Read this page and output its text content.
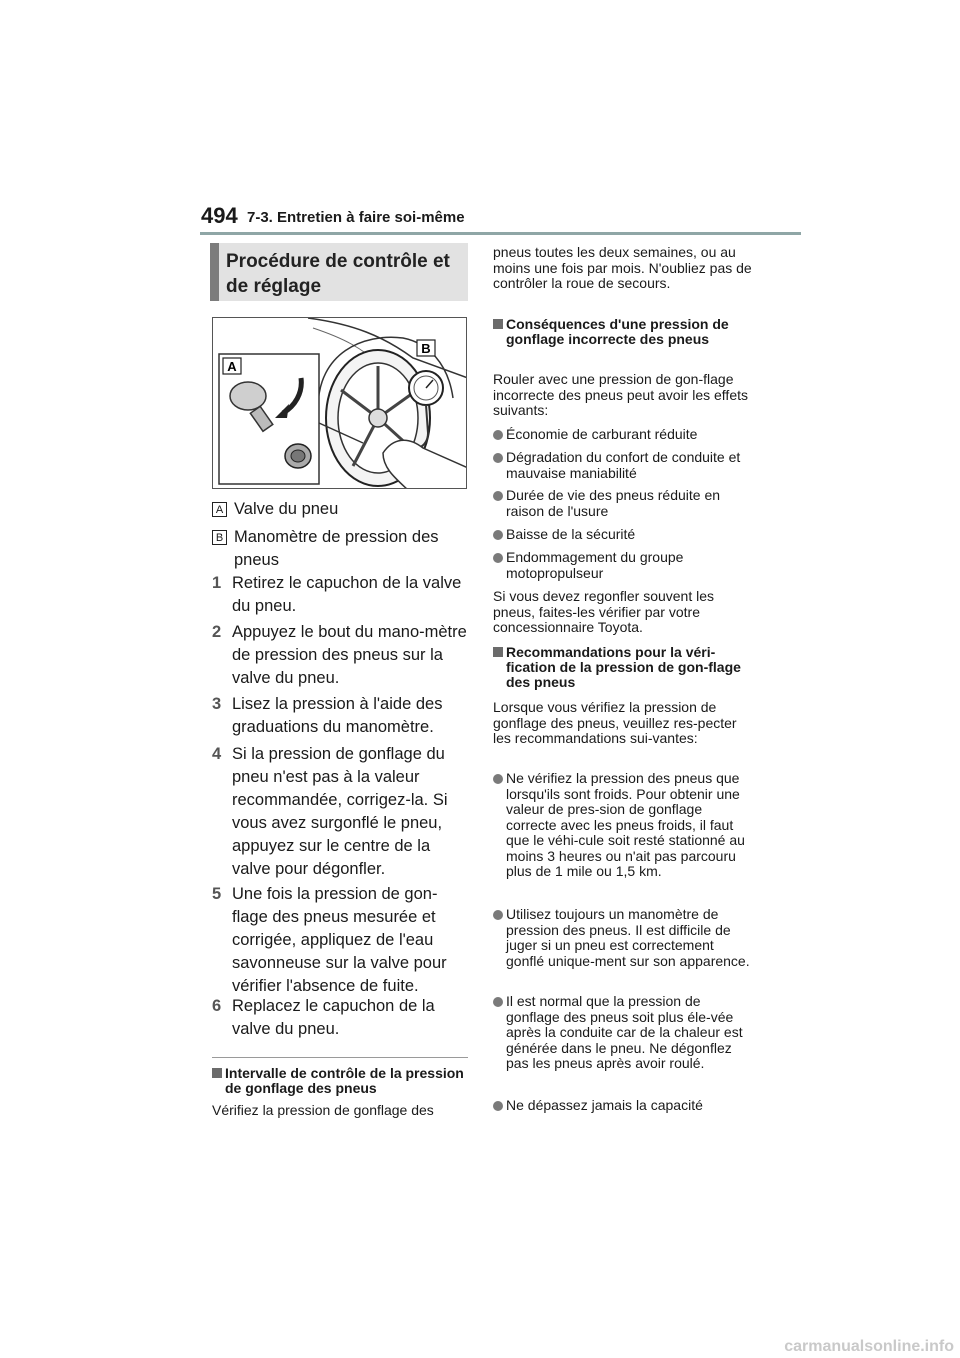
494 7-3. Entretien à faire soi-même
Procédure de contrôle et de réglage
A
B
A Valve du pneu
B Manomètre de pression des pneus
1 Retirez le capuchon de la valve du pneu.
2 Appuyez le bout du mano-mètre de pression des pneus sur la valve du pneu.
3 Lisez la pression à l'aide des graduations du manomètre.
4 Si la pression de gonflage du pneu n'est pas à la valeur recommandée, corrigez-la. Si vous avez surgonflé le pneu, appuyez sur le centre de la valve pour dégonfler.
5 Une fois la pression de gon-flage des pneus mesurée et corrigée, appliquez de l'eau savonneuse sur la valve pour vérifier l'absence de fuite.
6 Replacez le capuchon de la valve du pneu.
Intervalle de contrôle de la pression de gonflage des pneus
Vérifiez la pression de gonflage des
pneus toutes les deux semaines, ou au moins une fois par mois. N'oubliez pas de contrôler la roue de secours.
Conséquences d'une pression de gonflage incorrecte des pneus
Rouler avec une pression de gon-flage incorrecte des pneus peut avoir les effets suivants:
Économie de carburant réduite
Dégradation du confort de conduite et mauvaise maniabilité
Durée de vie des pneus réduite en raison de l'usure
Baisse de la sécurité
Endommagement du groupe motopropulseur
Si vous devez regonfler souvent les pneus, faites-les vérifier par votre concessionnaire Toyota.
Recommandations pour la véri-fication de la pression de gon-flage des pneus
Lorsque vous vérifiez la pression de gonflage des pneus, veuillez res-pecter les recommandations sui-vantes:
Ne vérifiez la pression des pneus que lorsqu'ils sont froids. Pour obtenir une valeur de pres-sion de gonflage correcte avec les pneus froids, il faut que le véhi-cule soit resté stationné au moins 3 heures ou n'ait pas parcouru plus de 1 mile ou 1,5 km.
Utilisez toujours un manomètre de pression des pneus. Il est difficile de juger si un pneu est correctement gonflé unique-ment sur son apparence.
Il est normal que la pression de gonflage des pneus soit plus éle-vée après la conduite car de la chaleur est générée dans le pneu. Ne dégonflez pas les pneus après avoir roulé.
Ne dépassez jamais la capacité
carmanualsonline.info
